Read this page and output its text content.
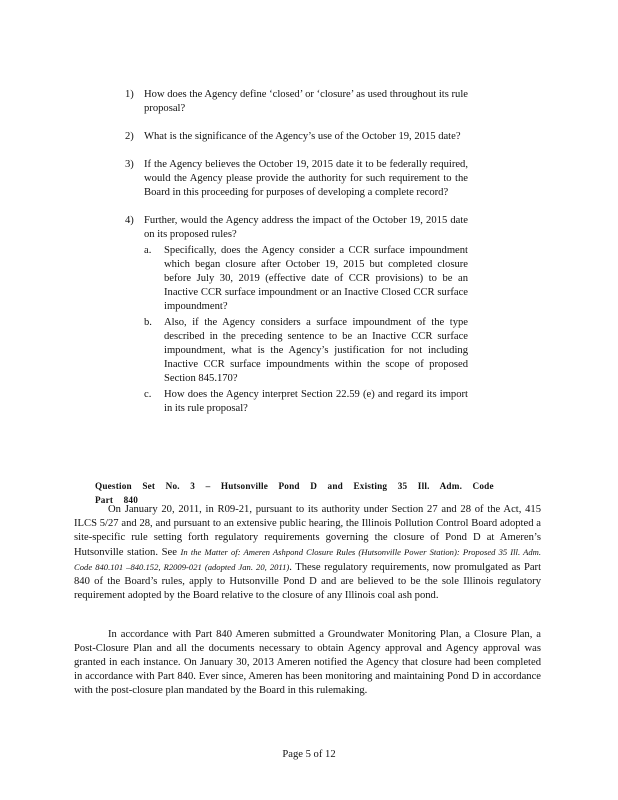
1) How does the Agency define ‘closed’ or ‘closure’ as used throughout its rule proposal?
2) What is the significance of the Agency’s use of the October 19, 2015 date?
3) If the Agency believes the October 19, 2015 date it to be federally required, would the Agency please provide the authority for such requirement to the Board in this proceeding for purposes of developing a complete record?
4) Further, would the Agency address the impact of the October 19, 2015 date on its proposed rules?
a. Specifically, does the Agency consider a CCR surface impoundment which began closure after October 19, 2015 but completed closure before July 30, 2019 (effective date of CCR provisions) to be an Inactive CCR surface impoundment or an Inactive Closed CCR surface impoundment?
b. Also, if the Agency considers a surface impoundment of the type described in the preceding sentence to be an Inactive CCR surface impoundment, what is the Agency’s justification for not including Inactive CCR surface impoundments within the scope of proposed Section 845.170?
c. How does the Agency interpret Section 22.59 (e) and regard its import in its rule proposal?
Question Set No. 3 – Hutsonville Pond D and Existing 35 Ill. Adm. Code Part 840

On January 20, 2011, in R09-21, pursuant to its authority under Section 27 and 28 of the Act, 415 ILCS 5/27 and 28, and pursuant to an extensive public hearing, the Illinois Pollution Control Board adopted a site-specific rule setting forth regulatory requirements governing the closure of Pond D at Ameren’s Hutsonville station. See In the Matter of: Ameren Ashpond Closure Rules (Hutsonville Power Station): Proposed 35 Ill. Adm. Code 840.101 –840.152, R2009-021 (adopted Jan. 20, 2011). These regulatory requirements, now promulgated as Part 840 of the Board’s rules, apply to Hutsonville Pond D and are believed to be the sole Illinois regulatory requirement adopted by the Board relative to the closure of any Illinois coal ash pond.

In accordance with Part 840 Ameren submitted a Groundwater Monitoring Plan, a Closure Plan, a Post-Closure Plan and all the documents necessary to obtain Agency approval and Agency approval was granted in each instance. On January 30, 2013 Ameren notified the Agency that closure had been completed in accordance with Part 840. Ever since, Ameren has been monitoring and maintaining Pond D in accordance with the post-closure plan mandated by the Board in this rulemaking.

Page 5 of 12
